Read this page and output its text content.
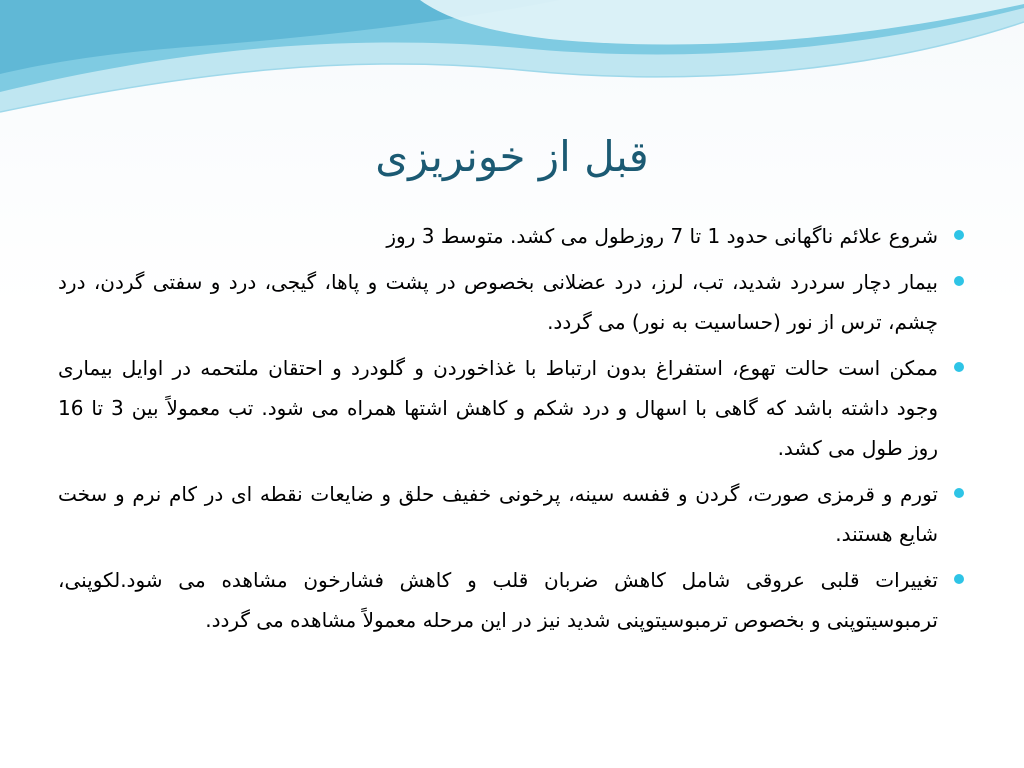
قبل از خونریزی

شروع علائم ناگهانی حدود 1 تا 7 روزطول می کشد. متوسط 3 روز

بیمار دچار سردرد شدید، تب، لرز، درد عضلانی بخصوص در پشت و پاها، گیجی، درد و سفتی گردن، درد چشم، ترس از نور (حساسیت به نور) می گردد.

ممکن است حالت تهوع، استفراغ بدون ارتباط با غذاخوردن و گلودرد و احتقان ملتحمه در اوایل بیماری وجود داشته باشد که گاهی با اسهال و درد شکم و کاهش اشتها همراه می شود. تب معمولاً بین 3 تا 16 روز طول می کشد.

تورم و قرمزی صورت، گردن و قفسه سینه، پرخونی خفیف حلق و ضایعات نقطه ای در کام نرم و سخت شایع هستند.

تغییرات قلبی عروقی شامل کاهش ضربان قلب و کاهش فشارخون مشاهده می شود.لکوپنی، ترمبوسیتوپنی و بخصوص ترمبوسیتوپنی شدید نیز در این مرحله معمولاً مشاهده می گردد.
